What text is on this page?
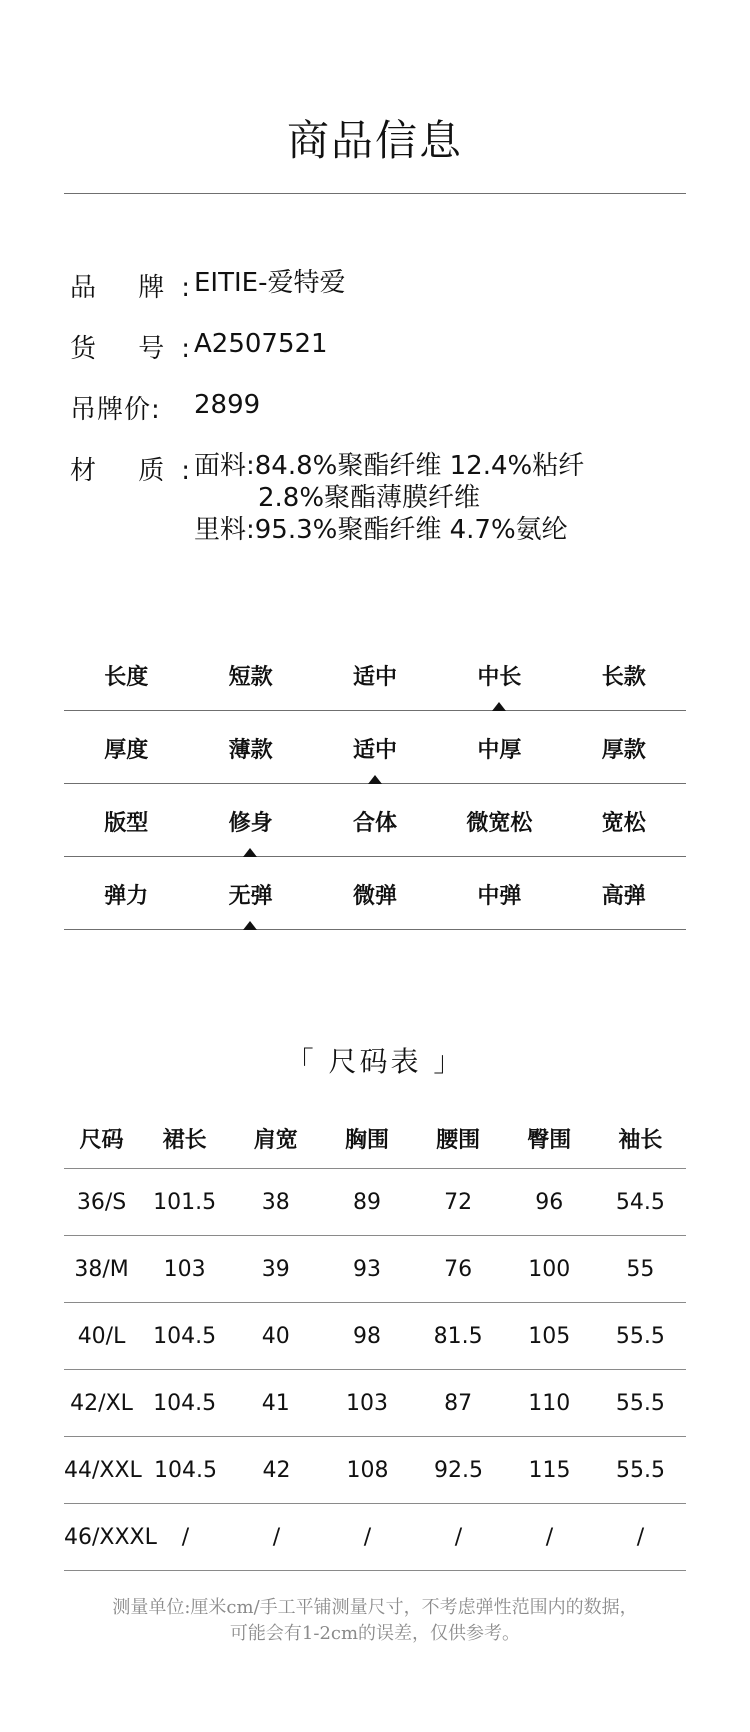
商品信息
品 牌:
EITIE-爱特爱
货 号:
A2507521
吊牌价:	2899
材 质:
面料:84.8%聚酯纤维 12.4%粘纤
2.8%聚酯薄膜纤维
里料:95.3%聚酯纤维 4.7%氨纶
长度	短款	适中	中长	长款
厚度	薄款	适中	中厚	厚款
版型	修身	合体	微宽松	宽松
弹力	无弹	微弹	中弹	高弹
「 尺码表 」
尺码	裙长	肩宽	胸围	腰围	臀围	袖长
36/S	101.5	38	89	72	96	54.5
38/M	103	39	93	76	100	55
40/L	104.5	40	98	81.5	105	55.5
42/XL 104.5	41	103	87	110	55.5
44/XXL 104.5	42	108	92.5	115	55.5
46/XXXL	/	/	/	/	/	/
测量单位:厘米cm/手工平铺测量尺寸，不考虑弹性范围内的数据，
可能会有1-2cm的误差，仅供参考。
